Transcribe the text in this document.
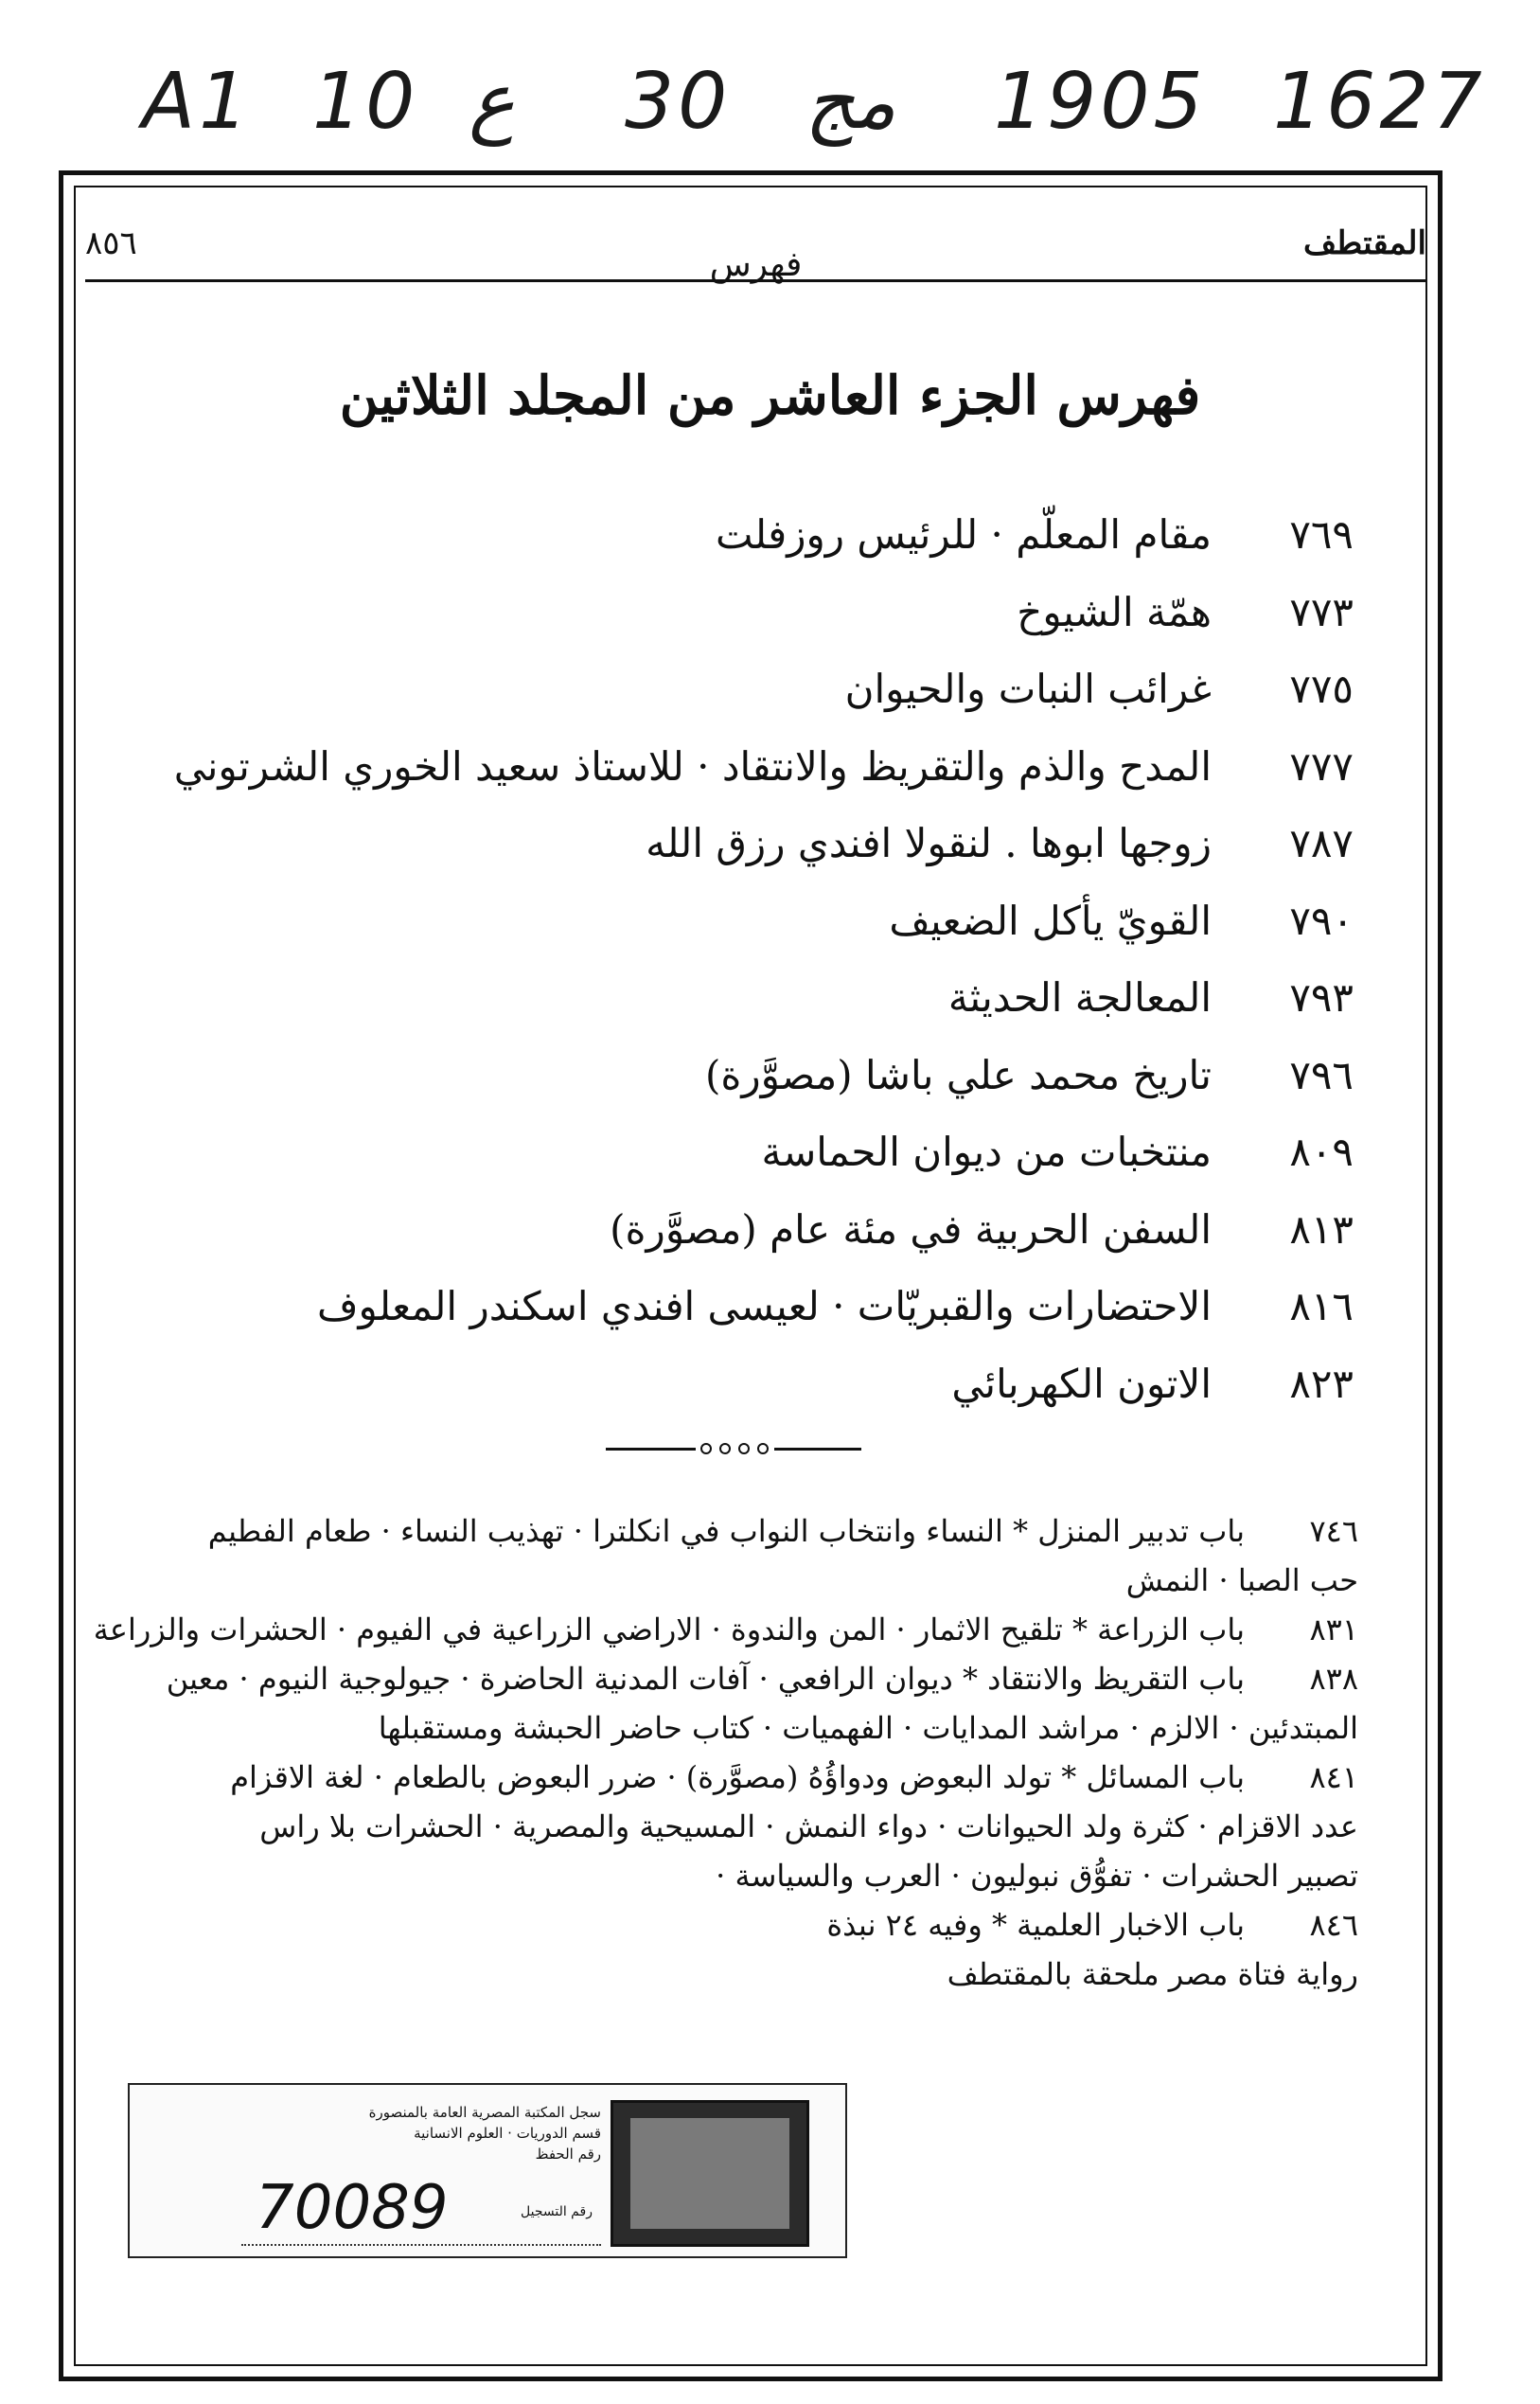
A1 10 ع 30 مج 1905 1627
٨٥٦
فهرس
المقتطف
فهرس الجزء العاشر من المجلد الثلاثين
٧٦٩
مقام المعلّم · للرئيس روزفلت
٧٧٣
همّة الشيوخ
٧٧٥
غرائب النبات والحيوان
٧٧٧
المدح والذم والتقريظ والانتقاد · للاستاذ سعيد الخوري الشرتوني
٧٨٧
زوجها ابوها . لنقولا افندي رزق الله
٧٩٠
القويّ يأكل الضعيف
٧٩٣
المعالجة الحديثة
٧٩٦
تاريخ محمد علي باشا (مصوَّرة)
٨٠٩
منتخبات من ديوان الحماسة
٨١٣
السفن الحربية في مئة عام (مصوَّرة)
٨١٦
الاحتضارات والقبريّات · لعيسى افندي اسكندر المعلوف
٨٢٣
الاتون الكهربائي
٧٤٦
باب تدبير المنزل * النساء وانتخاب النواب في انكلترا · تهذيب النساء · طعام الفطيم
حب الصبا · النمش
٨٣١
باب الزراعة * تلقيح الاثمار · المن والندوة · الاراضي الزراعية في الفيوم · الحشرات والزراعة
٨٣٨
باب التقريظ والانتقاد * ديوان الرافعي · آفات المدنية الحاضرة · جيولوجية النيوم · معين
المبتدئين · الالزم · مراشد المدايات · الفهميات · كتاب حاضر الحبشة ومستقبلها
٨٤١
باب المسائل * تولد البعوض ودواؤُهُ (مصوَّرة) · ضرر البعوض بالطعام · لغة الاقزام
عدد الاقزام · كثرة ولد الحيوانات · دواء النمش · المسيحية والمصرية · الحشرات بلا راس
تصبير الحشرات · تفوُّق نبوليون · العرب والسياسة ·
٨٤٦
باب الاخبار العلمية * وفيه ٢٤ نبذة
رواية فتاة مصر ملحقة بالمقتطف
سجل المكتبة المصرية العامة بالمنصورة
قسم الدوريات · العلوم الانسانية
رقم الحفظ
70089	رقم التسجيل
